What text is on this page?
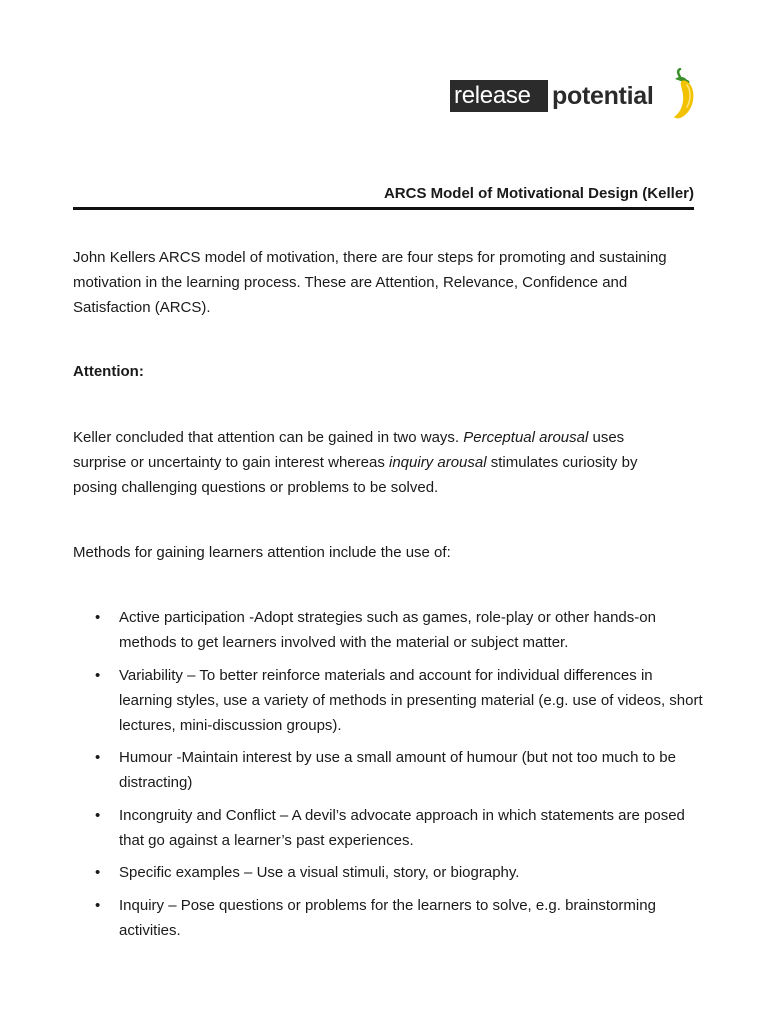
release potential
ARCS Model of Motivational Design (Keller)

John Kellers ARCS model of motivation, there are four steps for promoting and sustaining motivation in the learning process. These are Attention, Relevance, Confidence and Satisfaction (ARCS).

Attention:

Keller concluded that attention can be gained in two ways. Perceptual arousal uses surprise or uncertainty to gain interest whereas inquiry arousal stimulates curiosity by posing challenging questions or problems to be solved.

Methods for gaining learners attention include the use of:

• Active participation -Adopt strategies such as games, role-play or other hands-on methods to get learners involved with the material or subject matter.
• Variability – To better reinforce materials and account for individual differences in learning styles, use a variety of methods in presenting material (e.g. use of videos, short lectures, mini-discussion groups).
• Humour -Maintain interest by use a small amount of humour (but not too much to be distracting)
• Incongruity and Conflict – A devil’s advocate approach in which statements are posed that go against a learner’s past experiences.
• Specific examples – Use a visual stimuli, story, or biography.
• Inquiry – Pose questions or problems for the learners to solve, e.g. brainstorming activities.
